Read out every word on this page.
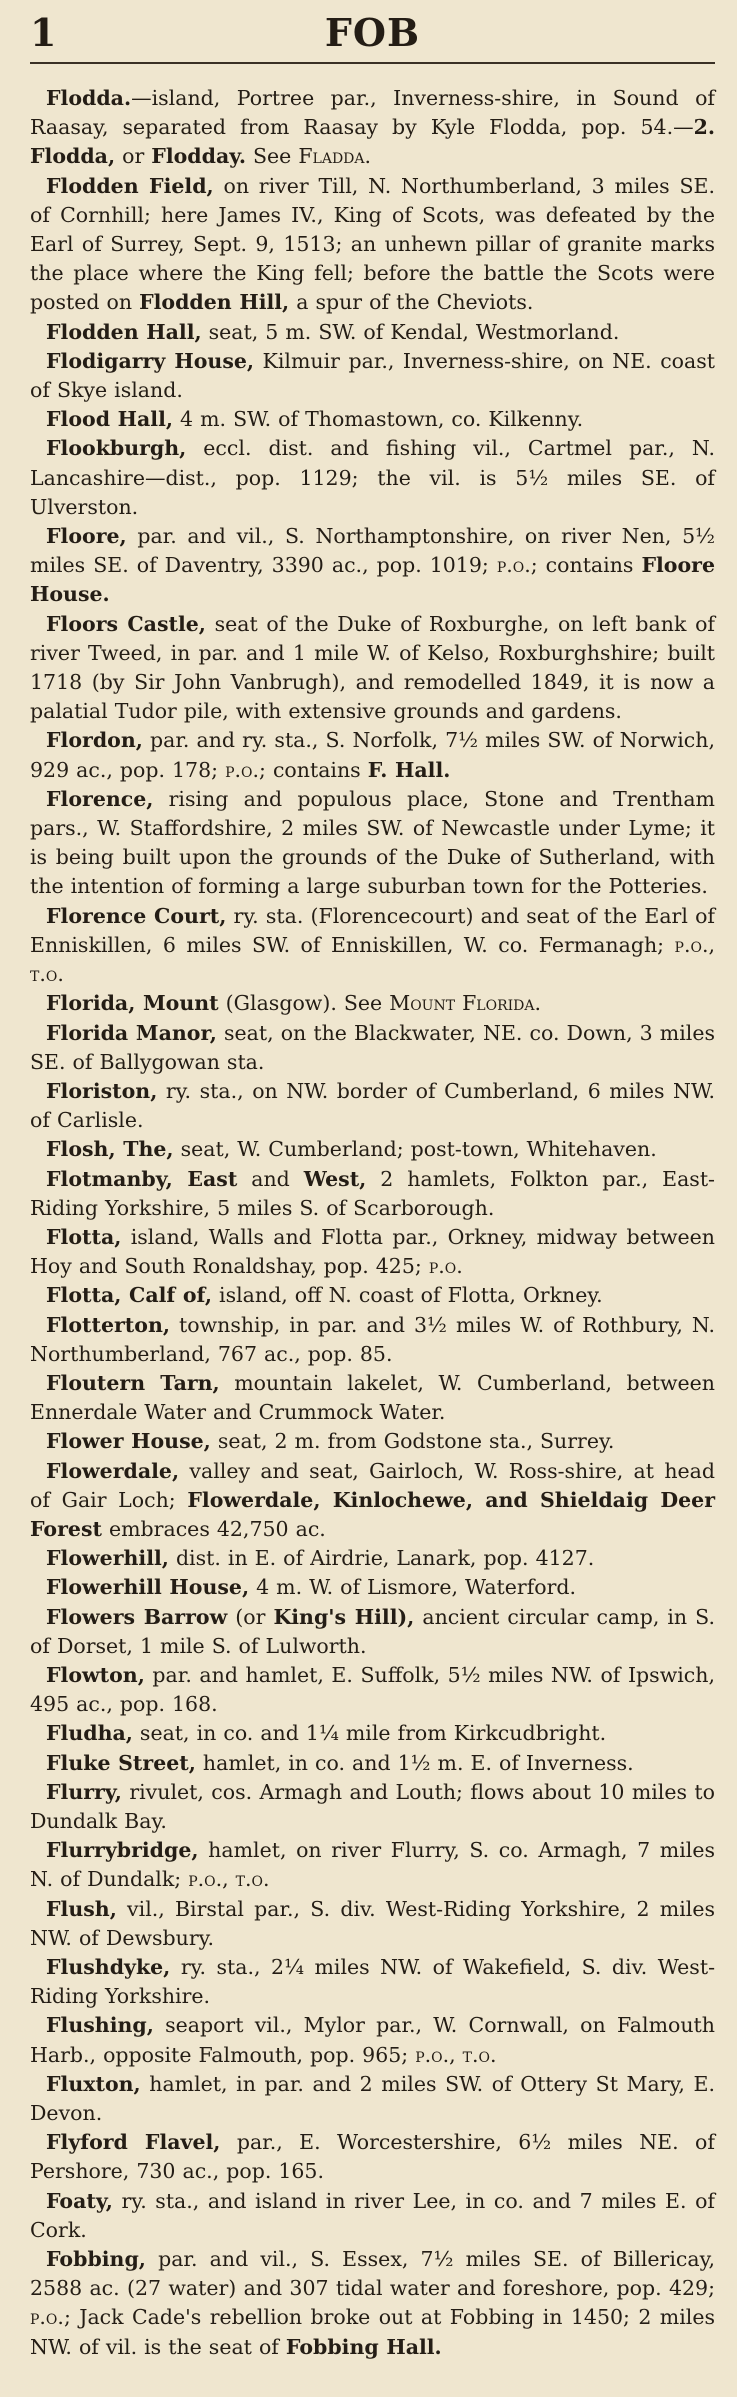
1	FOB

Flodda.—island, Portree par., Inverness-shire, in Sound of Raasay, separated from Raasay by Kyle Flodda, pop. 54.—2. Flodda, or Flodday. See Fladda.

Flodden Field, on river Till, N. Northumberland, 3 miles SE. of Cornhill; here James IV., King of Scots, was defeated by the Earl of Surrey, Sept. 9, 1513; an unhewn pillar of granite marks the place where the King fell; before the battle the Scots were posted on Flodden Hill, a spur of the Cheviots.

Flodden Hall, seat, 5 m. SW. of Kendal, Westmorland.

Flodigarry House, Kilmuir par., Inverness-shire, on NE. coast of Skye island.

Flood Hall, 4 m. SW. of Thomastown, co. Kilkenny.

Flookburgh, eccl. dist. and fishing vil., Cartmel par., N. Lancashire—dist., pop. 1129; the vil. is 5½ miles SE. of Ulverston.

Floore, par. and vil., S. Northamptonshire, on river Nen, 5½ miles SE. of Daventry, 3390 ac., pop. 1019; p.o.; contains Floore House.

Floors Castle, seat of the Duke of Roxburghe, on left bank of river Tweed, in par. and 1 mile W. of Kelso, Roxburghshire; built 1718 (by Sir John Vanbrugh), and remodelled 1849, it is now a palatial Tudor pile, with extensive grounds and gardens.

Flordon, par. and ry. sta., S. Norfolk, 7½ miles SW. of Norwich, 929 ac., pop. 178; p.o.; contains F. Hall.

Florence, rising and populous place, Stone and Trentham pars., W. Staffordshire, 2 miles SW. of Newcastle under Lyme; it is being built upon the grounds of the Duke of Sutherland, with the intention of forming a large suburban town for the Potteries.

Florence Court, ry. sta. (Florencecourt) and seat of the Earl of Enniskillen, 6 miles SW. of Enniskillen, W. co. Fermanagh; p.o., t.o.

Florida, Mount (Glasgow). See Mount Florida.

Florida Manor, seat, on the Blackwater, NE. co. Down, 3 miles SE. of Ballygowan sta.

Floriston, ry. sta., on NW. border of Cumberland, 6 miles NW. of Carlisle.

Flosh, The, seat, W. Cumberland; post-town, Whitehaven.

Flotmanby, East and West, 2 hamlets, Folkton par., East-Riding Yorkshire, 5 miles S. of Scarborough.

Flotta, island, Walls and Flotta par., Orkney, midway between Hoy and South Ronaldshay, pop. 425; p.o.

Flotta, Calf of, island, off N. coast of Flotta, Orkney.

Flotterton, township, in par. and 3½ miles W. of Rothbury, N. Northumberland, 767 ac., pop. 85.

Floutern Tarn, mountain lakelet, W. Cumberland, between Ennerdale Water and Crummock Water.

Flower House, seat, 2 m. from Godstone sta., Surrey.

Flowerdale, valley and seat, Gairloch, W. Ross-shire, at head of Gair Loch; Flowerdale, Kinlochewe, and Shieldaig Deer Forest embraces 42,750 ac.

Flowerhill, dist. in E. of Airdrie, Lanark, pop. 4127.

Flowerhill House, 4 m. W. of Lismore, Waterford.

Flowers Barrow (or King's Hill), ancient circular camp, in S. of Dorset, 1 mile S. of Lulworth.

Flowton, par. and hamlet, E. Suffolk, 5½ miles NW. of Ipswich, 495 ac., pop. 168.

Fludha, seat, in co. and 1¼ mile from Kirkcudbright.

Fluke Street, hamlet, in co. and 1½ m. E. of Inverness.

Flurry, rivulet, cos. Armagh and Louth; flows about 10 miles to Dundalk Bay.

Flurrybridge, hamlet, on river Flurry, S. co. Armagh, 7 miles N. of Dundalk; p.o., t.o.

Flush, vil., Birstal par., S. div. West-Riding Yorkshire, 2 miles NW. of Dewsbury.

Flushdyke, ry. sta., 2¼ miles NW. of Wakefield, S. div. West-Riding Yorkshire.

Flushing, seaport vil., Mylor par., W. Cornwall, on Falmouth Harb., opposite Falmouth, pop. 965; p.o., t.o.

Fluxton, hamlet, in par. and 2 miles SW. of Ottery St Mary, E. Devon.

Flyford Flavel, par., E. Worcestershire, 6½ miles NE. of Pershore, 730 ac., pop. 165.

Foaty, ry. sta., and island in river Lee, in co. and 7 miles E. of Cork.

Fobbing, par. and vil., S. Essex, 7½ miles SE. of Billericay, 2588 ac. (27 water) and 307 tidal water and foreshore, pop. 429; p.o.; Jack Cade's rebellion broke out at Fobbing in 1450; 2 miles NW. of vil. is the seat of Fobbing Hall.
